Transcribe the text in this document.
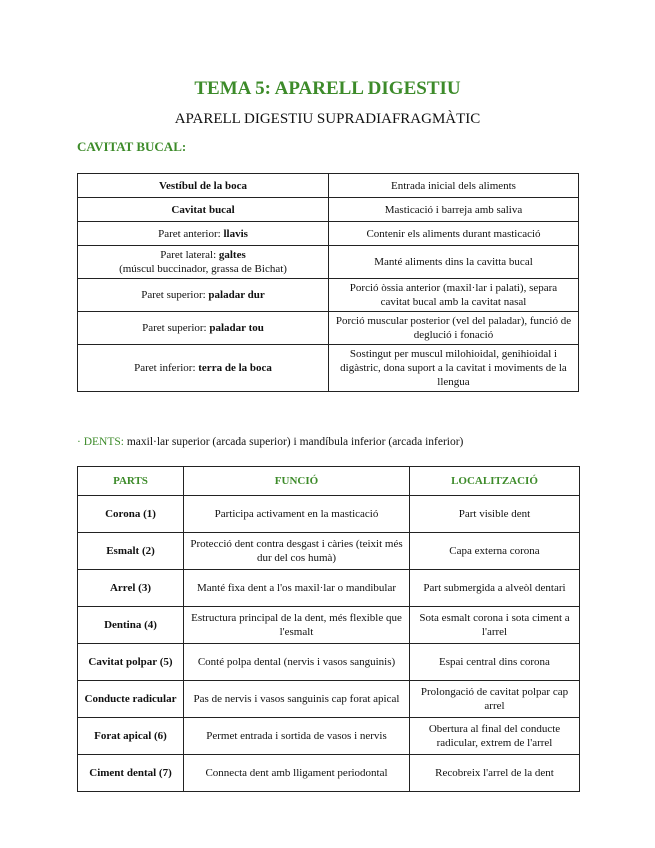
TEMA 5: APARELL DIGESTIU
APARELL DIGESTIU SUPRADIAFRAGMÀTIC
CAVITAT BUCAL:
Vestíbul de la boca	Entrada inicial dels aliments
Cavitat bucal	Masticació i barreja amb saliva
Paret anterior: llavis	Contenir els aliments durant masticació
Paret lateral: galtes
(múscul buccinador, grassa de Bichat)	Manté aliments dins la cavitta bucal
Paret superior: paladar dur	Porció òssia anterior (maxil·lar i palati), separa cavitat bucal amb la cavitat nasal
Paret superior: paladar tou	Porció muscular posterior (vel del paladar), funció de deglució i fonació
Paret inferior: terra de la boca	Sostingut per muscul milohioidal, genihioidal i digàstric, dona suport a la cavitat i moviments de la llengua
· DENTS: maxil·lar superior (arcada superior) i mandíbula inferior (arcada inferior)
PARTS	FUNCIÓ	LOCALITZACIÓ
Corona (1)	Participa activament en la masticació	Part visible dent
Esmalt (2)	Protecció dent contra desgast i càries (teixit més dur del cos humà)	Capa externa corona
Arrel (3)	Manté fixa dent a l'os maxil·lar o mandibular	Part submergida a alveòl dentari
Dentina (4)	Estructura principal de la dent, més flexible que l'esmalt	Sota esmalt corona i sota ciment a l'arrel
Cavitat polpar (5)	Conté polpa dental (nervis i vasos sanguinis)	Espai central dins corona
Conducte radicular	Pas de nervis i vasos sanguinis cap forat apical	Prolongació de cavitat polpar cap arrel
Forat apical (6)	Permet entrada i sortida de vasos i nervis	Obertura al final del conducte radicular, extrem de l'arrel
Ciment dental (7)	Connecta dent amb lligament periodontal	Recobreix l'arrel de la dent
